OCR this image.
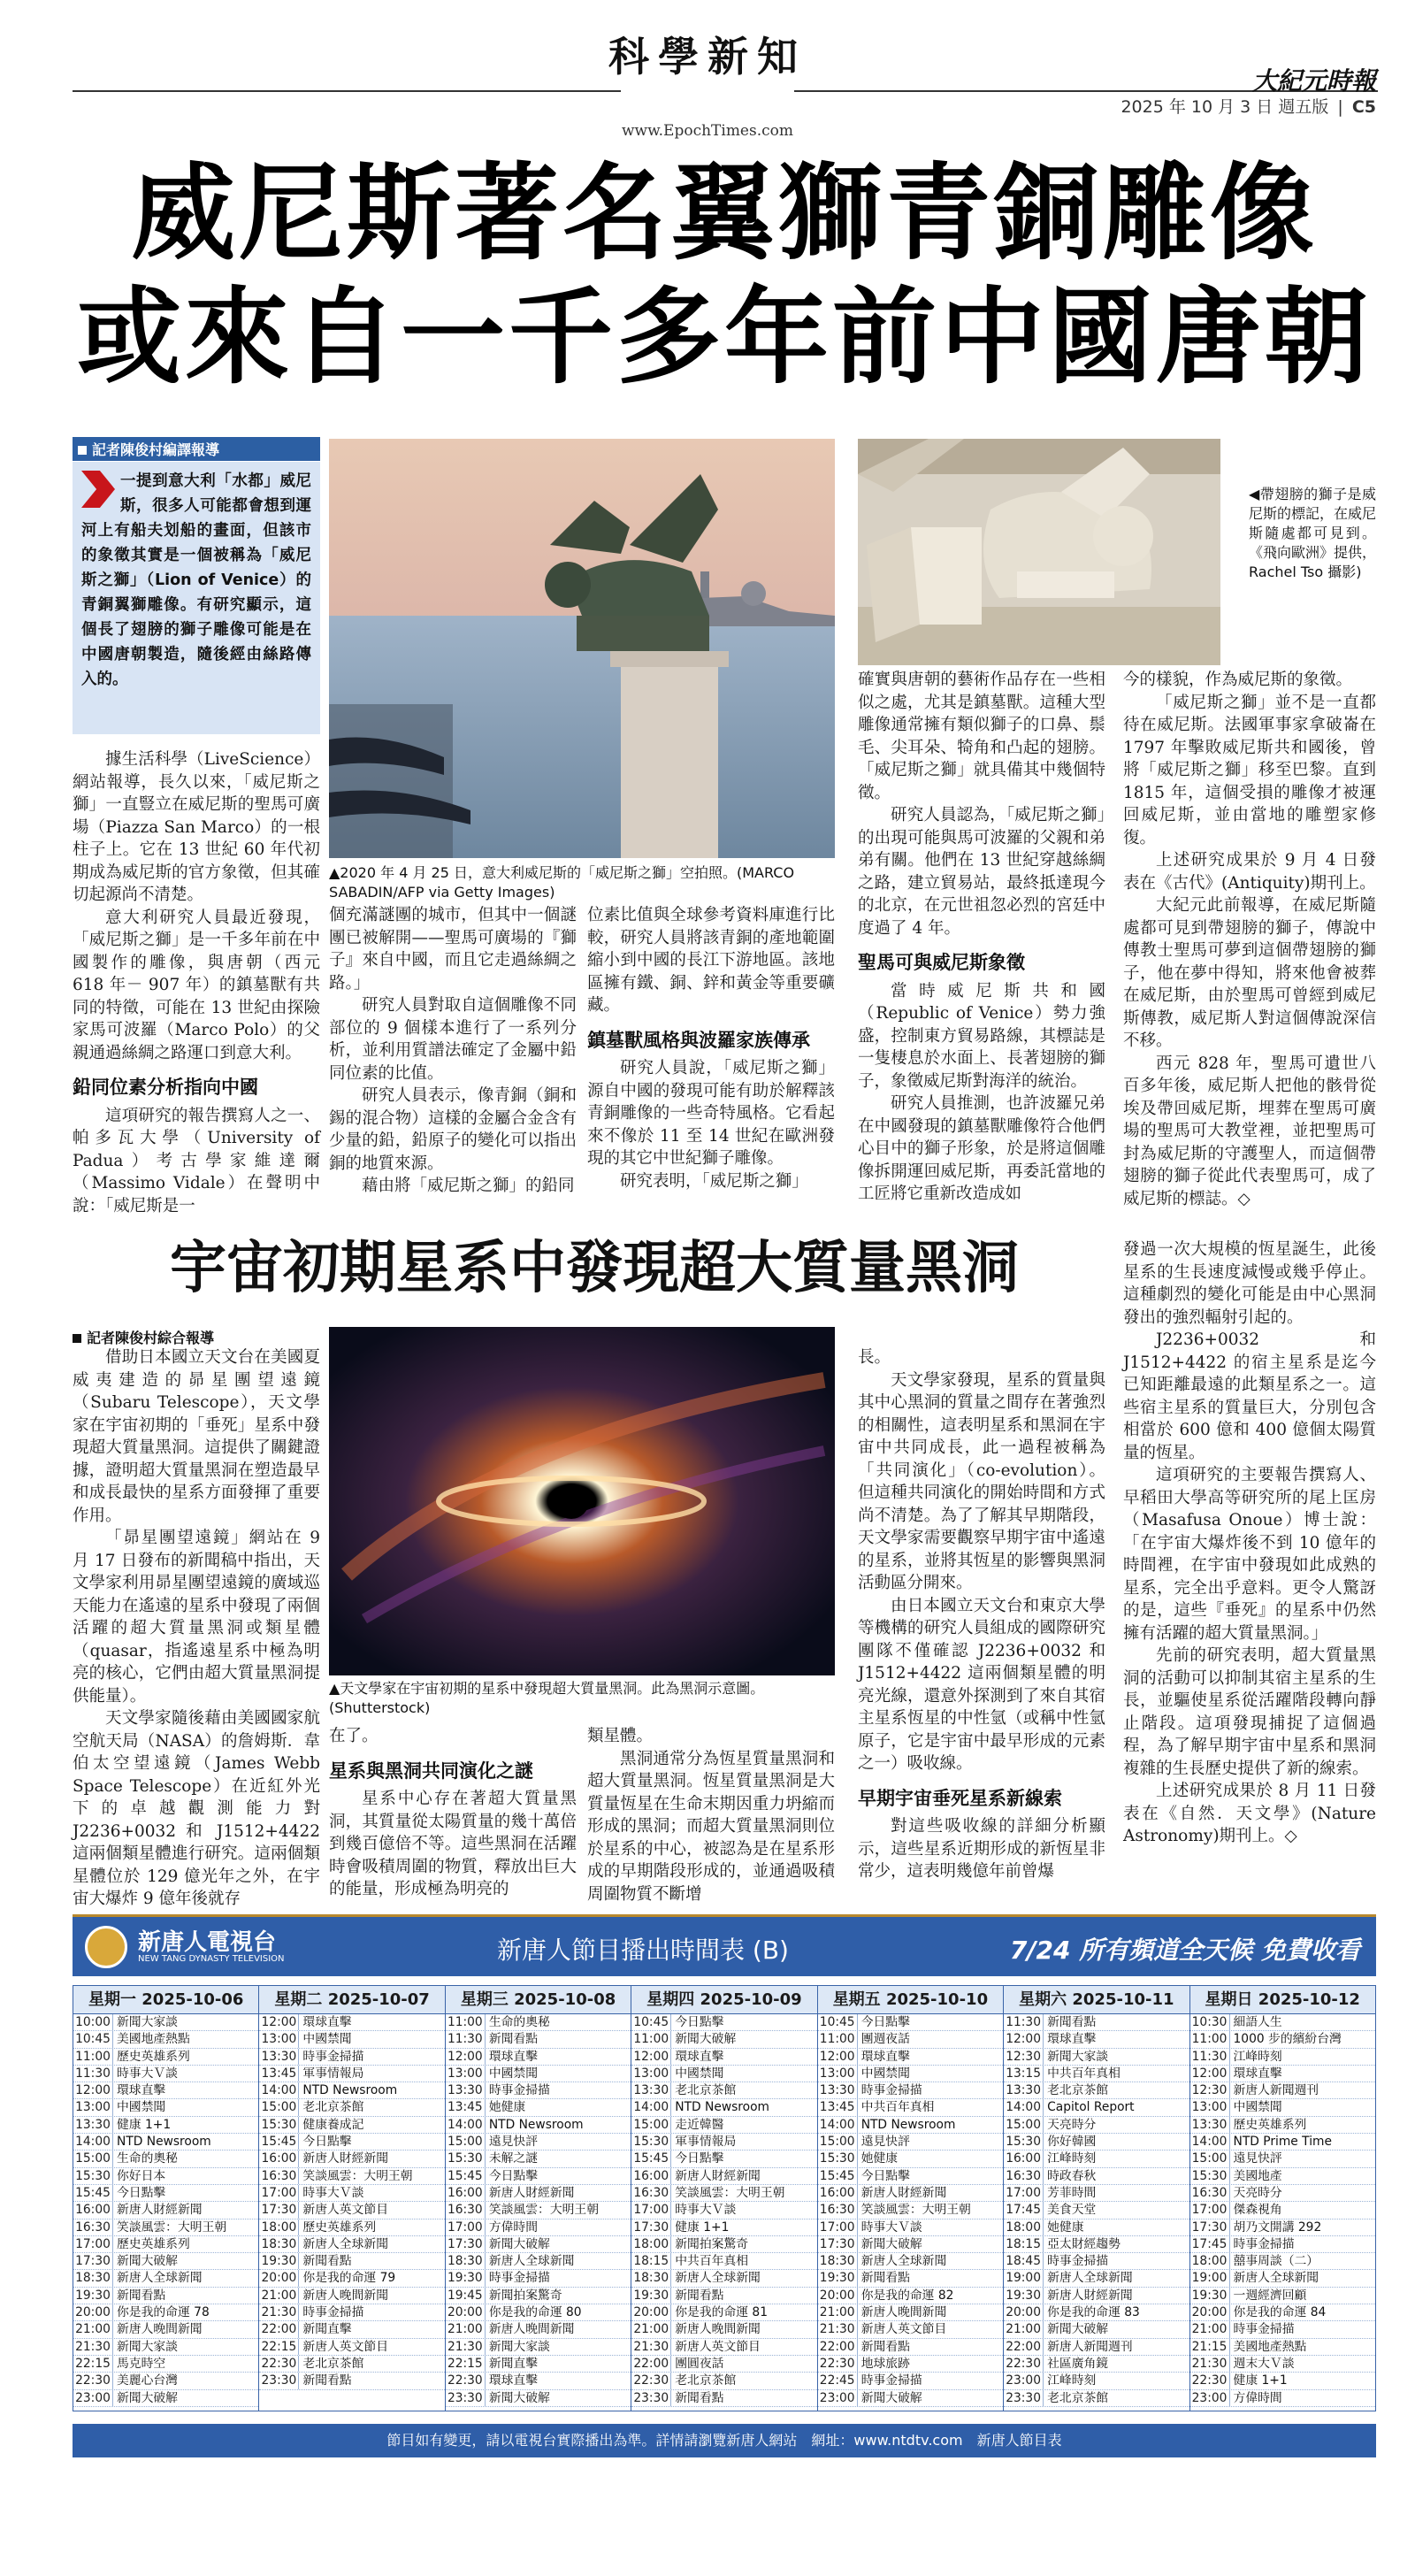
科學新知
www.EpochTimes.com
大紀元時報
2025 年 10 月 3 日 週五版 | C5
威尼斯著名翼獅青銅雕像
或來自一千多年前中國唐朝
記者陳俊村編譯報導
一提到意大利「水都」威尼斯，很多人可能都會想到運河上有船夫划船的畫面，但該市的象徵其實是一個被稱為「威尼斯之獅」（Lion of Venice）的青銅翼獅雕像。有研究顯示，這個長了翅膀的獅子雕像可能是在中國唐朝製造，隨後經由絲路傳入的。
▲2020 年 4 月 25 日，意大利威尼斯的「威尼斯之獅」空拍照。(MARCO SABADIN/AFP via Getty Images)
◀帶翅膀的獅子是威尼斯的標記，在威尼斯隨處都可見到。《飛向歐洲》提供，Rachel Tso 攝影)

據生活科學（LiveScience）網站報導，長久以來，「威尼斯之獅」一直豎立在威尼斯的聖馬可廣場（Piazza San Marco）的一根柱子上。它在 13 世紀 60 年代初期成為威尼斯的官方象徵，但其確切起源尚不清楚。

意大利研究人員最近發現，「威尼斯之獅」是一千多年前在中國製作的雕像，與唐朝（西元 618 年－ 907 年）的鎮墓獸有共同的特徵，可能在 13 世紀由探險家馬可波羅（Marco Polo）的父親通過絲綢之路運口到意大利。

鉛同位素分析指向中國

這項研究的報告撰寫人之一、帕多瓦大學（University of Padua）考古學家維達爾（Massimo Vidale）在聲明中說：「威尼斯是一

個充滿謎團的城市，但其中一個謎團已被解開——聖馬可廣場的『獅子』來自中國，而且它走過絲綢之路。」

研究人員對取自這個雕像不同部位的 9 個樣本進行了一系列分析，並利用質譜法確定了金屬中鉛同位素的比值。

研究人員表示，像青銅（銅和錫的混合物）這樣的金屬合金含有少量的鉛，鉛原子的變化可以指出銅的地質來源。

藉由將「威尼斯之獅」的鉛同

位素比值與全球參考資料庫進行比較，研究人員將該青銅的產地範圍縮小到中國的長江下游地區。該地區擁有鐵、銅、鋅和黃金等重要礦藏。

鎮墓獸風格與波羅家族傳承

研究人員說，「威尼斯之獅」源自中國的發現可能有助於解釋該青銅雕像的一些奇特風格。它看起來不像於 11 至 14 世紀在歐洲發現的其它中世紀獅子雕像。

研究表明，「威尼斯之獅」

確實與唐朝的藝術作品存在一些相似之處，尤其是鎮墓獸。這種大型雕像通常擁有類似獅子的口鼻、鬃毛、尖耳朵、犄角和凸起的翅膀。「威尼斯之獅」就具備其中幾個特徵。

研究人員認為，「威尼斯之獅」的出現可能與馬可波羅的父親和弟弟有關。他們在 13 世紀穿越絲綢之路，建立貿易站，最終抵達現今的北京，在元世祖忽必烈的宮廷中度過了 4 年。

聖馬可與威尼斯象徵

當時威尼斯共和國（Republic of Venice）勢力強盛，控制東方貿易路線，其標誌是一隻棲息於水面上、長著翅膀的獅子，象徵威尼斯對海洋的統治。

研究人員推測，也許波羅兄弟在中國發現的鎮墓獸雕像符合他們心目中的獅子形象，於是將這個雕像拆開運回威尼斯，再委託當地的工匠將它重新改造成如

今的樣貌，作為威尼斯的象徵。

「威尼斯之獅」並不是一直都待在威尼斯。法國軍事家拿破崙在 1797 年擊敗威尼斯共和國後，曾將「威尼斯之獅」移至巴黎。直到 1815 年，這個受損的雕像才被運回威尼斯，並由當地的雕塑家修復。

上述研究成果於 9 月 4 日發表在《古代》(Antiquity)期刊上。

大紀元此前報導，在威尼斯隨處都可見到帶翅膀的獅子，傳說中傳教士聖馬可夢到這個帶翅膀的獅子，他在夢中得知，將來他會被葬在威尼斯，由於聖馬可曾經到威尼斯傳教，威尼斯人對這個傳說深信不移。

西元 828 年，聖馬可遺世八百多年後，威尼斯人把他的骸骨從埃及帶回威尼斯，埋葬在聖馬可廣場的聖馬可大教堂裡，並把聖馬可封為威尼斯的守護聖人，而這個帶翅膀的獅子從此代表聖馬可，成了威尼斯的標誌。◇

宇宙初期星系中發現超大質量黑洞
記者陳俊村綜合報導
▲天文學家在宇宙初期的星系中發現超大質量黑洞。此為黑洞示意圖。(Shutterstock)

借助日本國立天文台在美國夏威夷建造的昴星團望遠鏡（Subaru Telescope），天文學家在宇宙初期的「垂死」星系中發現超大質量黑洞。這提供了關鍵證據，證明超大質量黑洞在塑造最早和成長最快的星系方面發揮了重要作用。

「昴星團望遠鏡」網站在 9 月 17 日發布的新聞稿中指出，天文學家利用昴星團望遠鏡的廣域巡天能力在遙遠的星系中發現了兩個活躍的超大質量黑洞或類星體（quasar，指遙遠星系中極為明亮的核心，它們由超大質量黑洞提供能量）。

天文學家隨後藉由美國國家航空航天局（NASA）的詹姆斯．韋伯太空望遠鏡（James Webb Space Telescope）在近紅外光下的卓越觀測能力對 J2236+0032 和 J1512+4422 這兩個類星體進行研究。這兩個類星體位於 129 億光年之外，在宇宙大爆炸 9 億年後就存

在了。

星系與黑洞共同演化之謎

星系中心存在著超大質量黑洞，其質量從太陽質量的幾十萬倍到幾百億倍不等。這些黑洞在活躍時會吸積周圍的物質，釋放出巨大的能量，形成極為明亮的

類星體。

黑洞通常分為恆星質量黑洞和超大質量黑洞。恆星質量黑洞是大質量恆星在生命末期因重力坍縮而形成的黑洞；而超大質量黑洞則位於星系的中心，被認為是在星系形成的早期階段形成的，並通過吸積周圍物質不斷增

長。

天文學家發現，星系的質量與其中心黑洞的質量之間存在著強烈的相關性，這表明星系和黑洞在宇宙中共同成長，此一過程被稱為「共同演化」（co-evolution）。但這種共同演化的開始時間和方式尚不清楚。為了了解其早期階段，天文學家需要觀察早期宇宙中遙遠的星系，並將其恆星的影響與黑洞活動區分開來。

由日本國立天文台和東京大學等機構的研究人員組成的國際研究團隊不僅確認 J2236+0032 和 J1512+4422 這兩個類星體的明亮光線，還意外探測到了來自其宿主星系恆星的中性氫（或稱中性氫原子，它是宇宙中最早形成的元素之一）吸收線。

早期宇宙垂死星系新線索

對這些吸收線的詳細分析顯示，這些星系近期形成的新恆星非常少，這表明幾億年前曾爆

發過一次大規模的恆星誕生，此後星系的生長速度減慢或幾乎停止。這種劇烈的變化可能是由中心黑洞發出的強烈輻射引起的。

J2236+0032 和 J1512+4422 的宿主星系是迄今已知距離最遠的此類星系之一。這些宿主星系的質量巨大，分別包含相當於 600 億和 400 億個太陽質量的恆星。

這項研究的主要報告撰寫人、早稻田大學高等研究所的尾上匡房（Masafusa Onoue）博士說：「在宇宙大爆炸後不到 10 億年的時間裡，在宇宙中發現如此成熟的星系，完全出乎意料。更令人驚訝的是，這些『垂死』的星系中仍然擁有活躍的超大質量黑洞。」

先前的研究表明，超大質量黑洞的活動可以抑制其宿主星系的生長，並驅使星系從活躍階段轉向靜止階段。這項發現捕捉了這個過程，為了解早期宇宙中星系和黑洞複雜的生長歷史提供了新的線索。

上述研究成果於 8 月 11 日發表在《自然．天文學》(Nature Astronomy)期刊上。◇

新唐人電視台
NEW TANG DYNASTY TELEVISION	新唐人節目播出時間表 (B)	7/24 所有頻道全天候 免費收看
星期一 2025-10-06
10:00 新聞大家談
10:45 美國地產熱點
11:00 歷史英雄系列
11:30 時事大Ｖ談
12:00 環球直擊
13:00 中國禁聞
13:30 健康 1+1
14:00 NTD Newsroom
15:00 生命的奧秘
15:30 你好日本
15:45 今日點擊
16:00 新唐人財經新聞
16:30 笑談風雲：大明王朝
17:00 歷史英雄系列
17:30 新聞大破解
18:30 新唐人全球新聞
19:30 新聞看點
20:00 你是我的命運 78
21:00 新唐人晚間新聞
21:30 新聞大家談
22:15 馬克時空
22:30 美麗心台灣
23:00 新聞大破解
星期二 2025-10-07
12:00 環球直擊
13:00 中國禁聞
13:30 時事金掃描
13:45 軍事情報局
14:00 NTD Newsroom
15:00 老北京茶館
15:30 健康養成記
15:45 今日點擊
16:00 新唐人財經新聞
16:30 笑談風雲：大明王朝
17:00 時事大Ｖ談
17:30 新唐人英文節目
18:00 歷史英雄系列
18:30 新唐人全球新聞
19:30 新聞看點
20:00 你是我的命運 79
21:00 新唐人晚間新聞
21:30 時事金掃描
22:00 新聞直擊
22:15 新唐人英文節目
22:30 老北京茶館
23:30 新聞看點
星期三 2025-10-08
11:00 生命的奧秘
11:30 新聞看點
12:00 環球直擊
13:00 中國禁聞
13:30 時事金掃描
13:45 她健康
14:00 NTD Newsroom
15:00 遠見快評
15:30 未解之謎
15:45 今日點擊
16:00 新唐人財經新聞
16:30 笑談風雲：大明王朝
17:00 方偉時間
17:30 新聞大破解
18:30 新唐人全球新聞
19:30 時事金掃描
19:45 新聞拍案驚奇
20:00 你是我的命運 80
21:00 新唐人晚間新聞
21:30 新聞大家談
22:15 新聞直擊
22:30 環球直擊
23:30 新聞大破解
星期四 2025-10-09
10:45 今日點擊
11:00 新聞大破解
12:00 環球直擊
13:00 中國禁聞
13:30 老北京茶館
14:00 NTD Newsroom
15:00 走近韓醫
15:30 軍事情報局
15:45 今日點擊
16:00 新唐人財經新聞
16:30 笑談風雲：大明王朝
17:00 時事大Ｖ談
17:30 健康 1+1
18:00 新聞拍案驚奇
18:15 中共百年真相
18:30 新唐人全球新聞
19:30 新聞看點
20:00 你是我的命運 81
21:00 新唐人晚間新聞
21:30 新唐人英文節目
22:00 團圓夜話
22:30 老北京茶館
23:30 新聞看點
星期五 2025-10-10
10:45 今日點擊
11:00 團週夜話
12:00 環球直擊
13:00 中國禁聞
13:30 時事金掃描
13:45 中共百年真相
14:00 NTD Newsroom
15:00 遠見快評
15:30 她健康
15:45 今日點擊
16:00 新唐人財經新聞
16:30 笑談風雲：大明王朝
17:00 時事大Ｖ談
17:30 新聞大破解
18:30 新唐人全球新聞
19:30 新聞看點
20:00 你是我的命運 82
21:00 新唐人晚間新聞
21:30 新唐人英文節目
22:00 新聞看點
22:30 地球旅跡
22:45 時事金掃描
23:00 新聞大破解
星期六 2025-10-11
11:30 新聞看點
12:00 環球直擊
12:30 新聞大家談
13:15 中共百年真相
13:30 老北京茶館
14:00 Capitol Report
15:00 天亮時分
15:30 你好韓國
16:00 江峰時刻
16:30 時政春秋
17:00 芳菲時間
17:45 美食天堂
18:00 她健康
18:15 亞太財經趨勢
18:45 時事金掃描
19:00 新唐人全球新聞
19:30 新唐人財經新聞
20:00 你是我的命運 83
21:00 新聞大破解
22:00 新唐人新聞週刊
22:30 社區廣角鏡
23:00 江峰時刻
23:30 老北京茶館
星期日 2025-10-12
10:30 細語人生
11:00 1000 步的繽紛台灣
11:30 江峰時刻
12:00 環球直擊
12:30 新唐人新聞週刊
13:00 中國禁聞
13:30 歷史英雄系列
14:00 NTD Prime Time
15:00 遠見快評
15:30 美國地產
16:30 天亮時分
17:00 傑森視角
17:30 胡乃文開講 292
17:45 時事金掃描
18:00 囍事周談（二）
19:00 新唐人全球新聞
19:30 一週經濟回顧
20:00 你是我的命運 84
21:00 時事金掃描
21:15 美國地產熱點
21:30 週末大Ｖ談
22:30 健康 1+1
23:00 方偉時間
節目如有變更，請以電視台實際播出為準。詳情請瀏覽新唐人網站　網址：www.ntdtv.com　新唐人節目表
